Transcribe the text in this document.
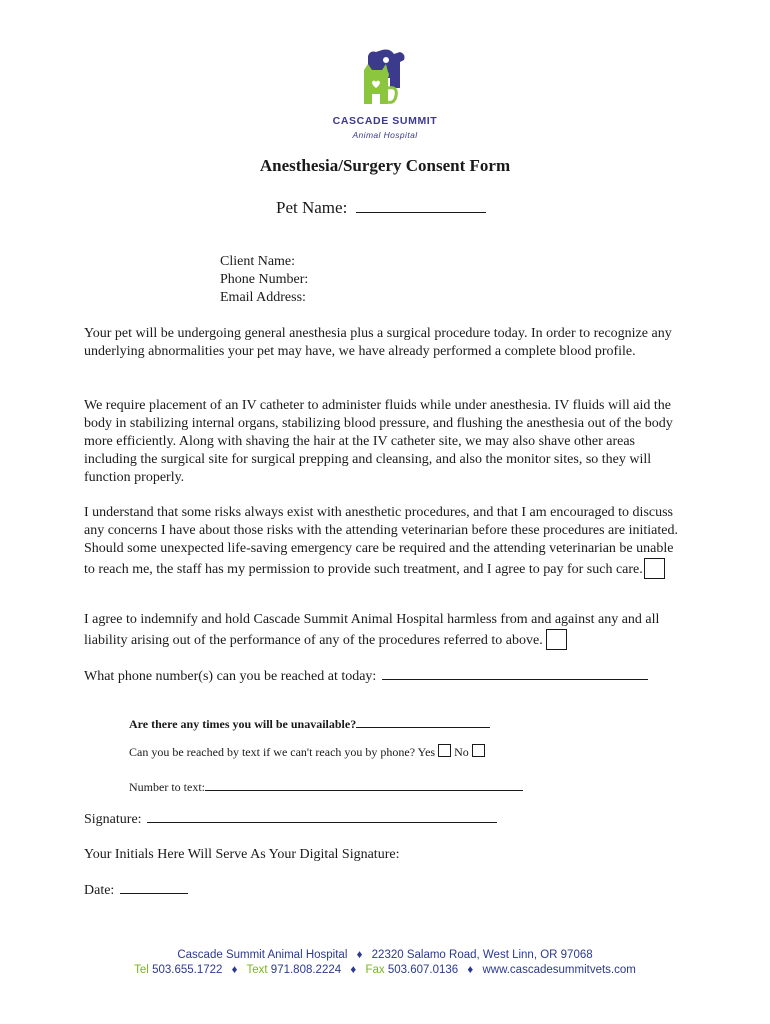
CASCADE SUMMIT
Animal Hospital
Anesthesia/Surgery Consent Form
Pet Name:
Client Name:
Phone Number:
Email Address:
Your pet will be undergoing general anesthesia plus a surgical procedure today. In order to recognize any underlying abnormalities your pet may have, we have already performed a complete blood profile.
We require placement of an IV catheter to administer fluids while under anesthesia. IV fluids will aid the body in stabilizing internal organs, stabilizing blood pressure, and flushing the anesthesia out of the body more efficiently. Along with shaving the hair at the IV catheter site, we may also shave other areas including the surgical site for surgical prepping and cleansing, and also the monitor sites, so they will function properly.
I understand that some risks always exist with anesthetic procedures, and that I am encouraged to discuss any concerns I have about those risks with the attending veterinarian before these procedures are initiated. Should some unexpected life-saving emergency care be required and the attending veterinarian be unable to reach me, the staff has my permission to provide such treatment, and I agree to pay for such care.
I agree to indemnify and hold Cascade Summit Animal Hospital harmless from and against any and all liability arising out of the performance of any of the procedures referred to above.
What phone number(s) can you be reached at today:
Are there any times you will be unavailable?
Can you be reached by text if we can't reach you by phone? Yes No
Number to text:
Signature:
Your Initials Here Will Serve As Your Digital Signature:
Date:
Cascade Summit Animal Hospital ♦ 22320 Salamo Road, West Linn, OR 97068
Tel 503.655.1722 ♦ Text 971.808.2224 ♦ Fax 503.607.0136 ♦ www.cascadesummitvets.com
